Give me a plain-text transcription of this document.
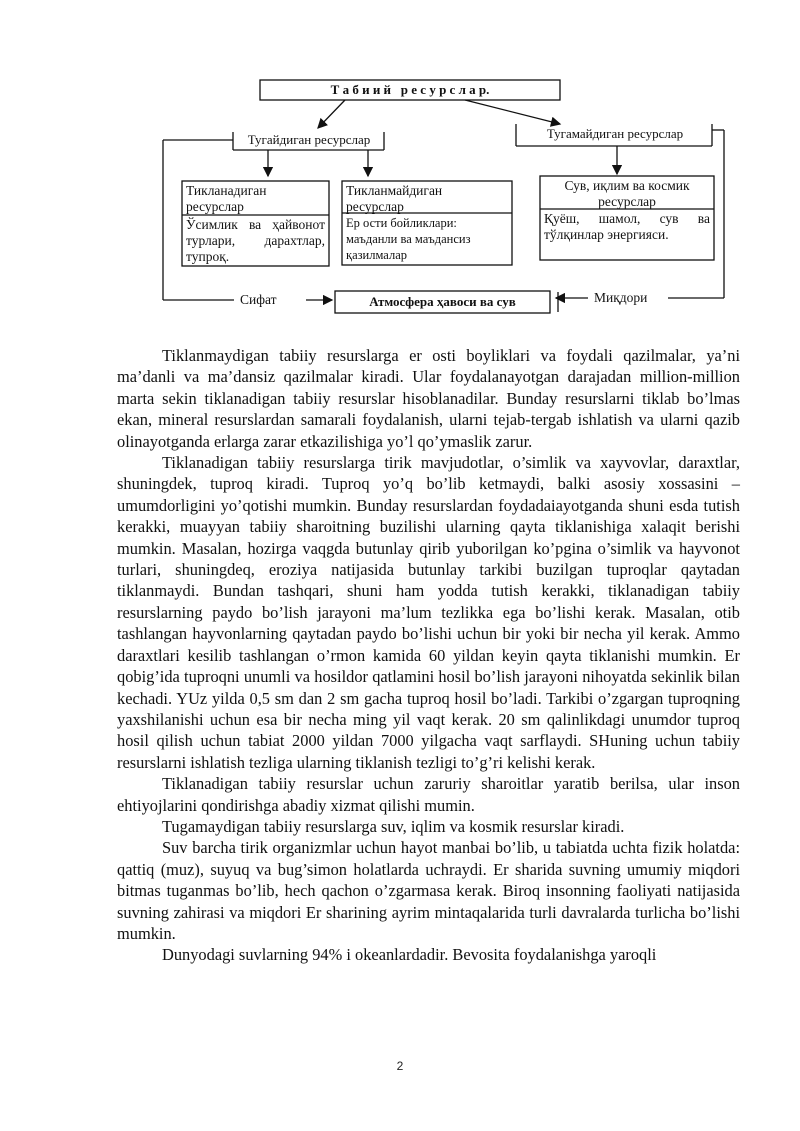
Т а б и и й   р е с у р с л а р.
Тугайдиган ресурслар	Тугамайдиган ресурслар
Тикланадиган ресурслар
Ўсимлик ва ҳайвонот турлари, дарахтлар, тупроқ.
Тикланмайдиган ресурслар
Ер ости бойликлари: маъданли ва маъдансиз қазилмалар
Сув, иқлим ва космик ресурслар
Қуёш, шамол, сув ва тўлқинлар энергияси.
Сифат	Атмосфера ҳавоси ва сув	Миқдори

Tiklanmaydigan tabiiy resurslarga er osti boyliklari va foydali qazilmalar, ya’ni ma’danli va ma’dansiz qazilmalar kiradi. Ular foydalanayotgan darajadan million-million marta sekin tiklanadigan tabiiy resurslar hisoblanadilar. Bunday resurslarni tiklab bo’lmas ekan, mineral resurslardan samarali foydalanish, ularni tejab-tergab ishlatish va ularni qazib olinayotganda erlarga zarar etkazilishiga yo’l qo’ymaslik zarur.

Tiklanadigan tabiiy resurslarga tirik mavjudotlar, o’simlik va xayvovlar, daraxtlar, shuningdek, tuproq kiradi. Tuproq yo’q bo’lib ketmaydi, balki asosiy xossasini – umumdorligini yo’qotishi mumkin. Bunday resurslardan foydadaiayotganda shuni esda tutish kerakki, muayyan tabiiy sharoitning buzilishi ularning qayta tiklanishiga xalaqit berishi mumkin. Masalan, hozirga vaqgda butunlay qirib yuborilgan ko’pgina o’simlik va hayvonot turlari, shuningdeq, eroziya natijasida butunlay tarkibi buzilgan tuproqlar qaytadan tiklanmaydi. Bundan tashqari, shuni ham yodda tutish kerakki, tiklanadigan tabiiy resurslarning paydo bo’lish jarayoni ma’lum tezlikka ega bo’lishi kerak. Masalan, otib tashlangan hayvonlarning qaytadan paydo bo’lishi uchun bir yoki bir necha yil kerak. Ammo daraxtlari kesilib tashlangan o’rmon kamida 60 yildan keyin qayta tiklanishi mumkin. Er qobig’ida tuproqni unumli va hosildor qatlamini hosil bo’lish jarayoni nihoyatda sekinlik bilan kechadi. YUz yilda 0,5 sm dan 2 sm gacha tuproq hosil bo’ladi. Tarkibi o’zgargan tuproqning yaxshilanishi uchun esa bir necha ming yil vaqt kerak. 20 sm qalinlikdagi unumdor tuproq hosil qilish uchun tabiat 2000 yildan 7000 yilgacha vaqt sarflaydi. SHuning uchun tabiiy resurslarni ishlatish tezliga ularning tiklanish tezligi to’g’ri kelishi kerak.

Tiklanadigan tabiiy resurslar uchun zaruriy sharoitlar yaratib berilsa, ular inson ehtiyojlarini qondirishga abadiy xizmat qilishi mumin.

Tugamaydigan tabiiy resurslarga suv, iqlim va kosmik resurslar kiradi.

Suv barcha tirik organizmlar uchun hayot manbai bo’lib, u tabiatda uchta fizik holatda: qattiq (muz), suyuq va bug’simon holatlarda uchraydi. Er sharida suvning umumiy miqdori bitmas tuganmas bo’lib, hech qachon o’zgarmasa kerak. Biroq insonning faoliyati natijasida suvning zahirasi va miqdori Er sharining ayrim mintaqalarida turli davralarda turlicha bo’lishi mumkin.

Dunyodagi suvlarning 94% i okeanlardadir. Bevosita foydalanishga yaroqli

2
